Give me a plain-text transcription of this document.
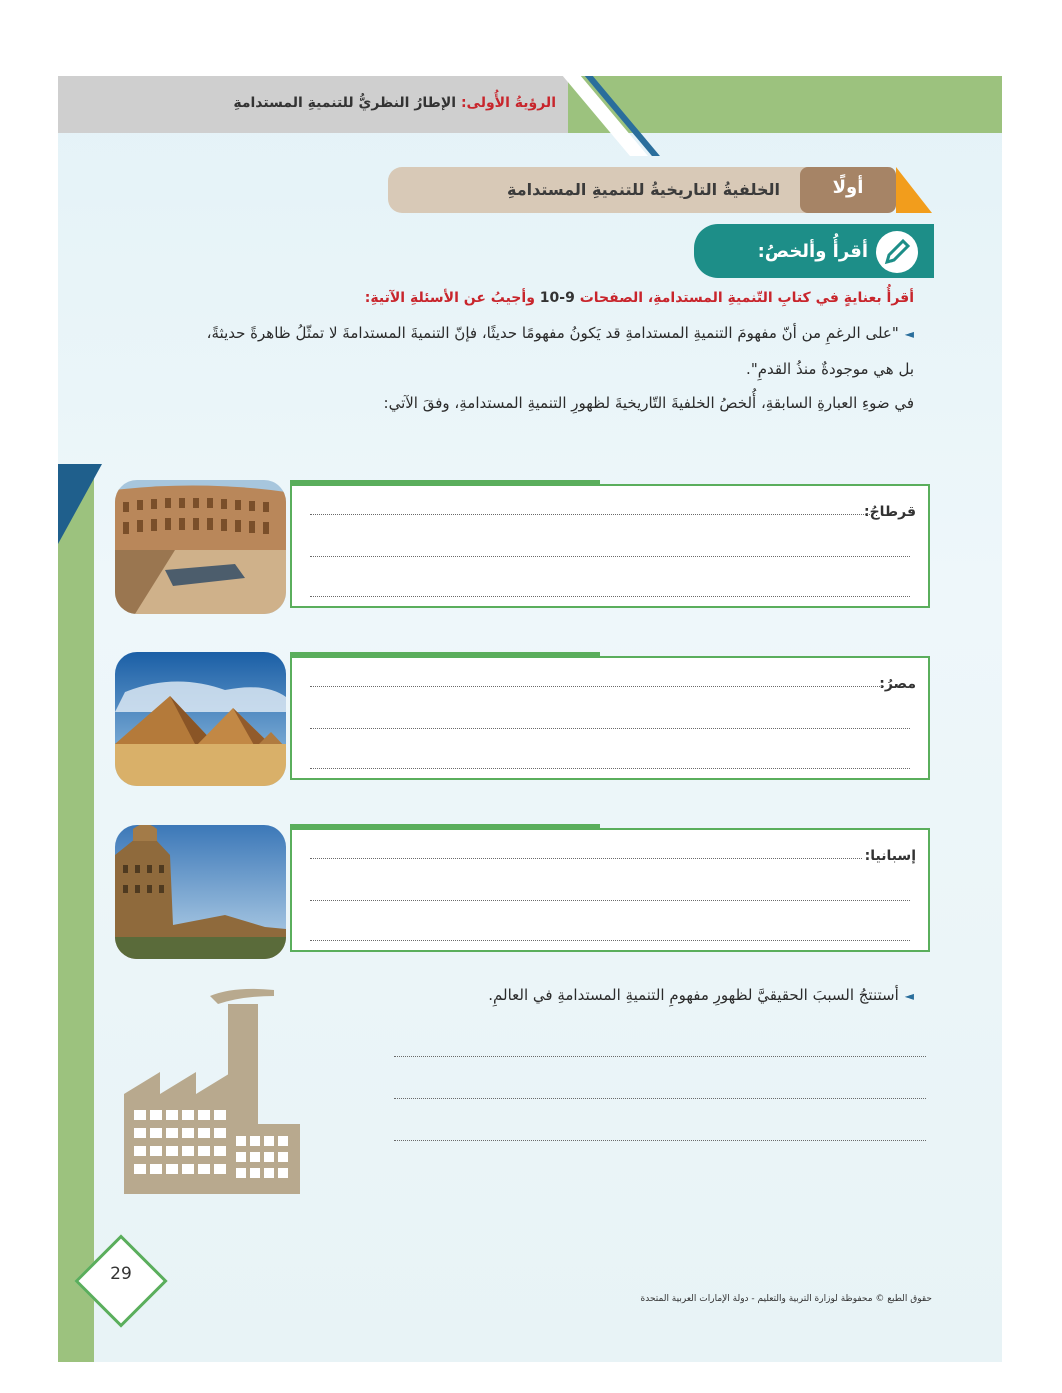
الرؤيةُ الأُولى: الإطارُ النظريُّ للتنميةِ المستدامةِ
الخلفيةُ التاريخيةُ للتنميةِ المستدامةِ	أولًا
أقرأُ وألخصُ:
أقرأُ بعنايةٍ في كتابِ التّنميةِ المستدامةِ، الصفحات 9-10 وأجيبُ عن الأسئلةِ الآتيةِ:
◄"على الرغمِ من أنّ مفهومَ التنميةِ المستدامةِ قد يَكونُ مفهومًا حديثًا، فإنّ التنميةَ المستدامةَ لا تمثّلُ ظاهرةً حديثةً،
بل هي موجودةٌ منذُ القدمِ".
في ضوءِ العبارةِ السابقةِ، أُلخصُ الخلفيةَ التّاريخيةَ لظهورِ التنميةِ المستدامةِ، وفقَ الآتي:
قرطاجُ:
مصرُ:
إسبانيا:
◄أستنتجُ السببَ الحقيقيَّ لظهورِ مفهومِ التنميةِ المستدامةِ في العالمِ.
29
حقوق الطبع © محفوظة لوزارة التربية والتعليم - دولة الإمارات العربية المتحدة
